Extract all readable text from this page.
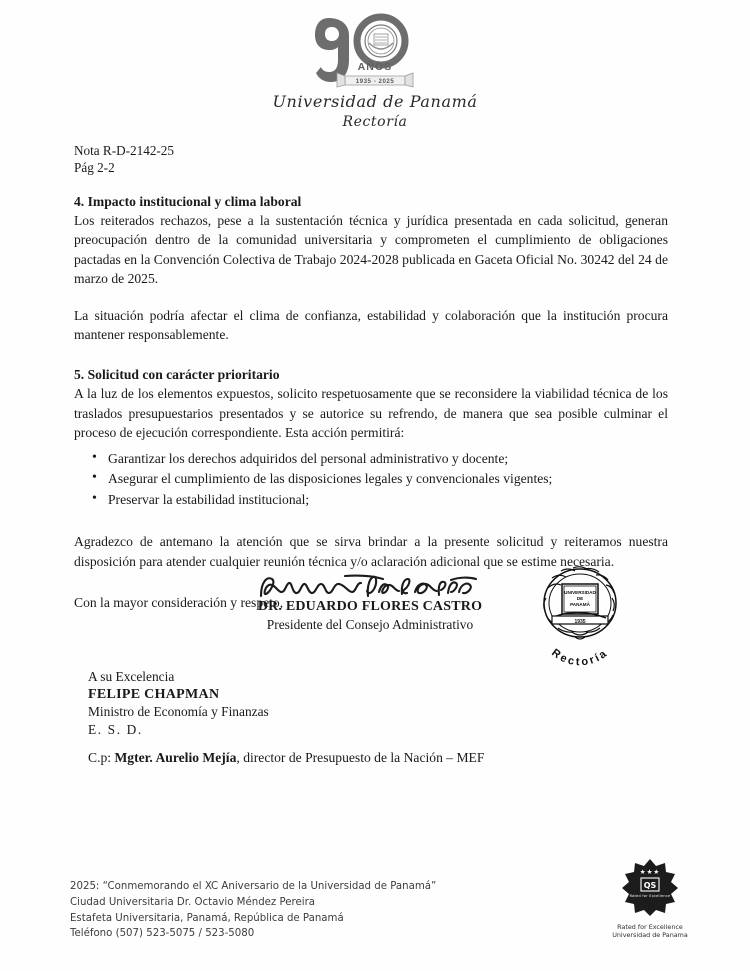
AÑOS
1935 - 2025
Universidad de Panamá
Rectoría
Nota R-D-2142-25
Pág 2-2
4. Impacto institucional y clima laboral

Los reiterados rechazos, pese a la sustentación técnica y jurídica presentada en cada solicitud, generan preocupación dentro de la comunidad universitaria y comprometen el cumplimiento de obligaciones pactadas en la Convención Colectiva de Trabajo 2024-2028 publicada en Gaceta Oficial No. 30242 del 24 de marzo de 2025.

La situación podría afectar el clima de confianza, estabilidad y colaboración que la institución procura mantener responsablemente.

5. Solicitud con carácter prioritario

A la luz de los elementos expuestos, solicito respetuosamente que se reconsidere la viabilidad técnica de los traslados presupuestarios presentados y se autorice su refrendo, de manera que sea posible culminar el proceso de ejecución correspondiente. Esta acción permitirá:

• Garantizar los derechos adquiridos del personal administrativo y docente;
• Asegurar el cumplimiento de las disposiciones legales y convencionales vigentes;
• Preservar la estabilidad institucional;

Agradezco de antemano la atención que se sirva brindar a la presente solicitud y reiteramos nuestra disposición para atender cualquier reunión técnica y/o aclaración adicional que se estime necesaria.

Con la mayor consideración y respeto,

DR. EDUARDO FLORES CASTRO
Presidente del Consejo Administrativo
UNIVERSIDAD
DE
PANAMÁ
1935
Rectoría
A su Excelencia
FELIPE CHAPMAN
Ministro de Economía y Finanzas
E. S. D.
C.p: Mgter. Aurelio Mejía, director de Presupuesto de la Nación – MEF
2025: “Conmemorando el XC Aniversario de la Universidad de Panamá”
Ciudad Universitaria Dr. Octavio Méndez Pereira
Estafeta Universitaria, Panamá, República de Panamá
Teléfono (507) 523-5075 / 523-5080
★★★
QS
Rated for Excellence
Rated for Excellence
Universidad de Panama
